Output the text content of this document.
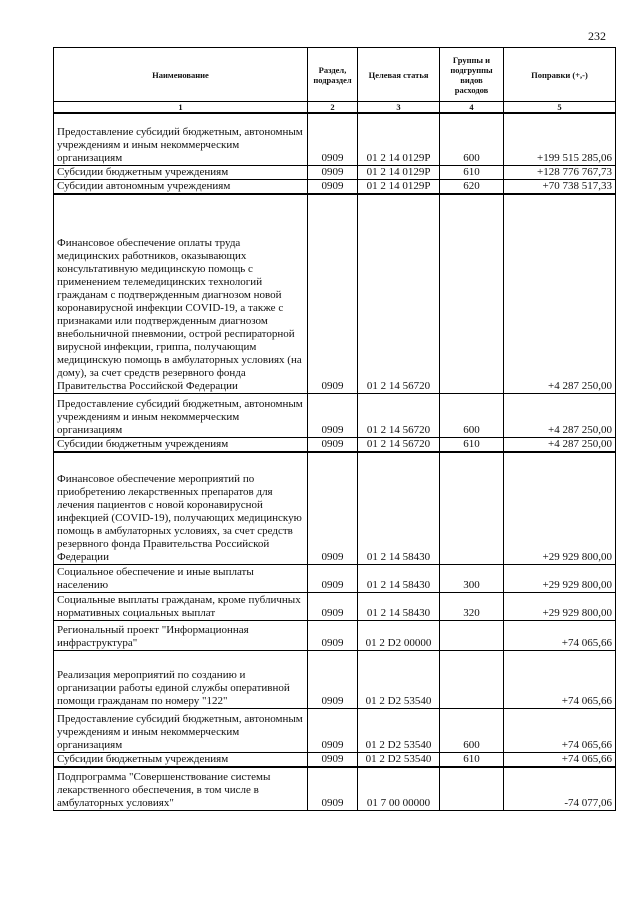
232
Наименование	Раздел, подраздел	Целевая статья	Группы и подгруппы видов расходов	Поправки (+,-)
1	2	3	4	5
Предоставление субсидий бюджетным, автономным учреждениям и иным некоммерческим организациям	0909	01 2 14 0129P	600	+199 515 285,06
Субсидии бюджетным учреждениям	0909	01 2 14 0129P	610	+128 776 767,73
Субсидии автономным учреждениям	0909	01 2 14 0129P	620	+70 738 517,33
Финансовое обеспечение оплаты труда медицинских работников, оказывающих консультативную медицинскую помощь с применением телемедицинских технологий гражданам с подтвержденным диагнозом новой коронавирусной инфекции COVID-19, а также с признаками или подтвержденным диагнозом внебольничной пневмонии, острой респираторной вирусной инфекции, гриппа, получающим медицинскую помощь в амбулаторных условиях (на дому), за счет средств резервного фонда Правительства Российской Федерации	0909	01 2 14 56720		+4 287 250,00
Предоставление субсидий бюджетным, автономным учреждениям и иным некоммерческим организациям	0909	01 2 14 56720	600	+4 287 250,00
Субсидии бюджетным учреждениям	0909	01 2 14 56720	610	+4 287 250,00
Финансовое обеспечение мероприятий по приобретению лекарственных препаратов для лечения пациентов с новой коронавирусной инфекцией (COVID-19), получающих медицинскую помощь в амбулаторных условиях, за счет средств резервного фонда Правительства Российской Федерации	0909	01 2 14 58430		+29 929 800,00
Социальное обеспечение и иные выплаты населению	0909	01 2 14 58430	300	+29 929 800,00
Социальные выплаты гражданам, кроме публичных нормативных социальных выплат	0909	01 2 14 58430	320	+29 929 800,00
Региональный проект "Информационная инфраструктура"	0909	01 2 D2 00000		+74 065,66
Реализация мероприятий по созданию и организации работы единой службы оперативной помощи гражданам по номеру "122"	0909	01 2 D2 53540		+74 065,66
Предоставление субсидий бюджетным, автономным учреждениям и иным некоммерческим организациям	0909	01 2 D2 53540	600	+74 065,66
Субсидии бюджетным учреждениям	0909	01 2 D2 53540	610	+74 065,66
Подпрограмма "Совершенствование системы лекарственного обеспечения, в том числе в амбулаторных условиях"	0909	01 7 00 00000		-74 077,06
